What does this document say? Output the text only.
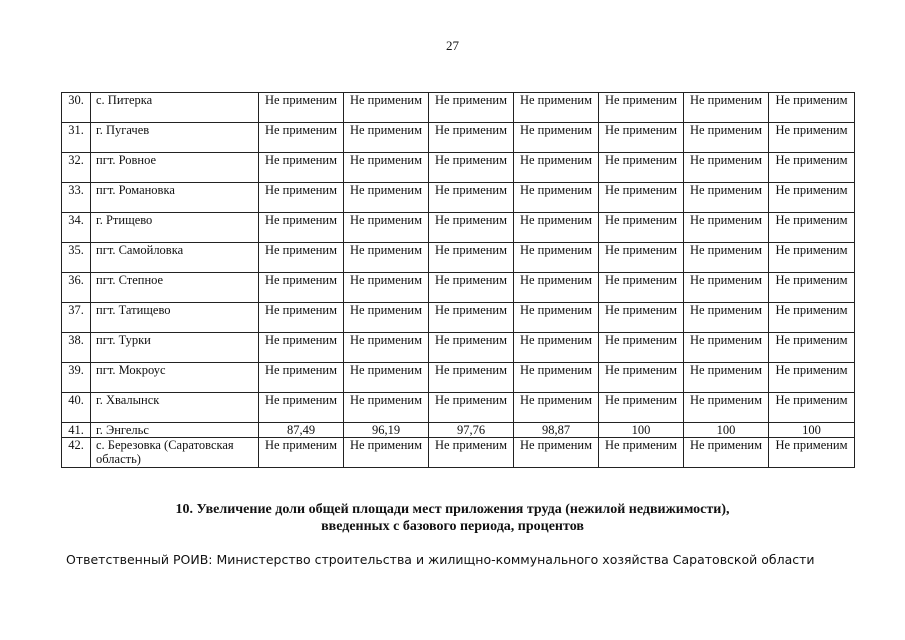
27
30.	с. Питерка	Не применим	Не применим	Не применим	Не применим	Не применим	Не применим	Не применим
31.	г. Пугачев	Не применим	Не применим	Не применим	Не применим	Не применим	Не применим	Не применим
32.	пгт. Ровное	Не применим	Не применим	Не применим	Не применим	Не применим	Не применим	Не применим
33.	пгт. Романовка	Не применим	Не применим	Не применим	Не применим	Не применим	Не применим	Не применим
34.	г. Ртищево	Не применим	Не применим	Не применим	Не применим	Не применим	Не применим	Не применим
35.	пгт. Самойловка	Не применим	Не применим	Не применим	Не применим	Не применим	Не применим	Не применим
36.	пгт. Степное	Не применим	Не применим	Не применим	Не применим	Не применим	Не применим	Не применим
37.	пгт. Татищево	Не применим	Не применим	Не применим	Не применим	Не применим	Не применим	Не применим
38.	пгт. Турки	Не применим	Не применим	Не применим	Не применим	Не применим	Не применим	Не применим
39.	пгт. Мокроус	Не применим	Не применим	Не применим	Не применим	Не применим	Не применим	Не применим
40.	г. Хвалынск	Не применим	Не применим	Не применим	Не применим	Не применим	Не применим	Не применим
41.	г. Энгельс	87,49	96,19	97,76	98,87	100	100	100
42.	с. Березовка (Саратовская область)	Не применим	Не применим	Не применим	Не применим	Не применим	Не применим	Не применим
10. Увеличение доли общей площади мест приложения труда (нежилой недвижимости),
введенных с базового периода, процентов
Ответственный РОИВ: Министерство строительства и жилищно-коммунального хозяйства Саратовской области
